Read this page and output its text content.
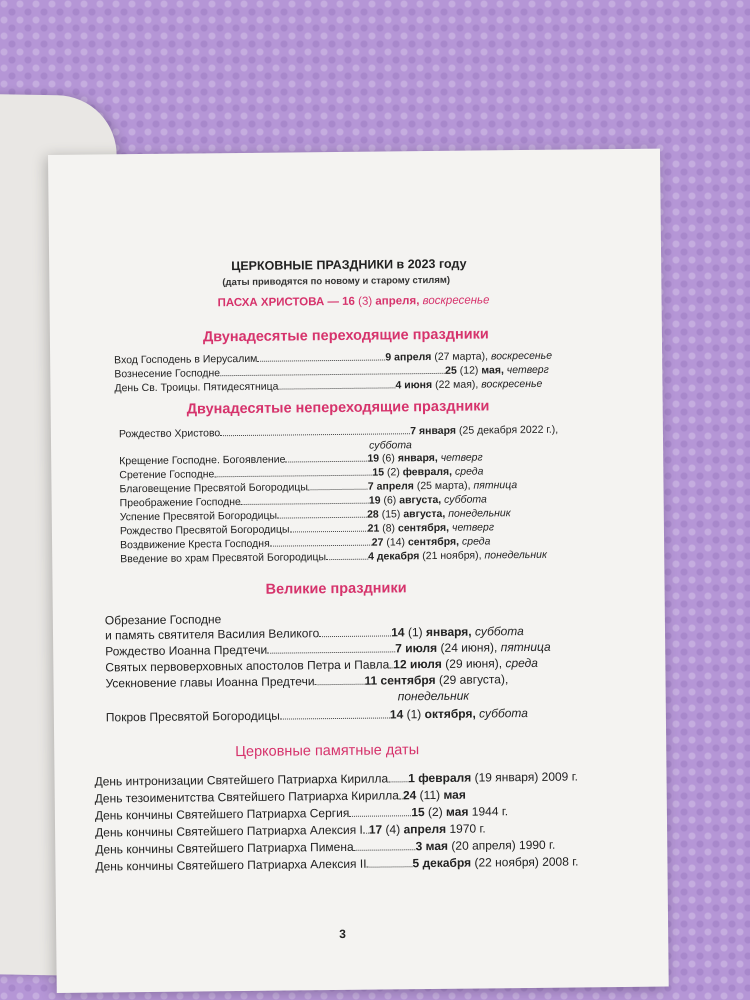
ЦЕРКОВНЫЕ ПРАЗДНИКИ в 2023 году
(даты приводятся по новому и старому стилям)
ПАСХА ХРИСТОВА — 16 (3) апреля, воскресенье
Двунадесятые переходящие праздники
Вход Господень в Иерусалим	9 апреля (27 марта), воскресенье
Вознесение Господне	25 (12) мая, четверг
День Св. Троицы. Пятидесятница	4 июня (22 мая), воскресенье
Двунадесятые непереходящие праздники
Рождество Христово	7 января (25 декабря 2022 г.),
суббота
Крещение Господне. Богоявление	19 (6) января, четверг
Сретение Господне	15 (2) февраля, среда
Благовещение Пресвятой Богородицы	7 апреля (25 марта), пятница
Преображение Господне	19 (6) августа, суббота
Успение Пресвятой Богородицы	28 (15) августа, понедельник
Рождество Пресвятой Богородицы	21 (8) сентября, четверг
Воздвижение Креста Господня	27 (14) сентября, среда
Введение во храм Пресвятой Богородицы	4 декабря (21 ноября), понедельник
Великие праздники
Обрезание Господне
и память святителя Василия Великого	14 (1) января, суббота
Рождество Иоанна Предтечи	7 июля (24 июня), пятница
Святых первоверховных апостолов Петра и Павла 12 июля (29 июня), среда
Усекновение главы Иоанна Предтечи	11 сентября (29 августа),
понедельник
Покров Пресвятой Богородицы	14 (1) октября, суббота
Церковные памятные даты
День интронизации Святейшего Патриарха Кирилла 1 февраля (19 января) 2009 г.
День тезоименитства Святейшего Патриарха Кирилла 24 (11) мая
День кончины Святейшего Патриарха Сергия	15 (2) мая 1944 г.
День кончины Святейшего Патриарха Алексия I 17 (4) апреля 1970 г.
День кончины Святейшего Патриарха Пимена	3 мая (20 апреля) 1990 г.
День кончины Святейшего Патриарха Алексия II	5 декабря (22 ноября) 2008 г.
3
